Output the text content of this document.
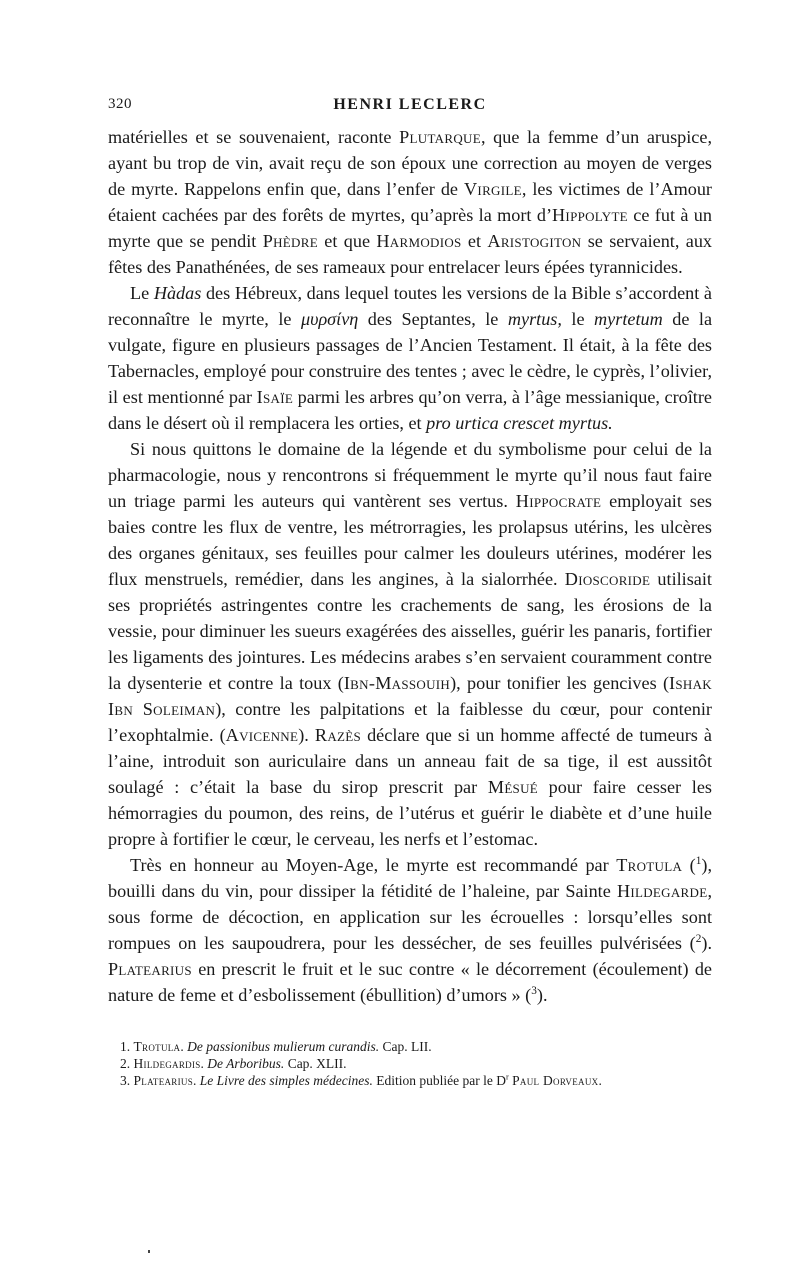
320	HENRI LECLERC

matérielles et se souvenaient, raconte Plutarque, que la femme d’un aruspice, ayant bu trop de vin, avait reçu de son époux une correction au moyen de verges de myrte. Rappelons enfin que, dans l’enfer de Virgile, les victimes de l’Amour étaient cachées par des forêts de myrtes, qu’après la mort d’Hippolyte ce fut à un myrte que se pendit Phèdre et que Harmodios et Aristogiton se servaient, aux fêtes des Panathénées, de ses rameaux pour entrelacer leurs épées tyrannicides.

Le Hàdas des Hébreux, dans lequel toutes les versions de la Bible s’accordent à reconnaître le myrte, le μυρσίνη des Septantes, le myrtus, le myrtetum de la vulgate, figure en plusieurs passages de l’Ancien Testament. Il était, à la fête des Tabernacles, employé pour construire des tentes ; avec le cèdre, le cyprès, l’olivier, il est mentionné par Isaïe parmi les arbres qu’on verra, à l’âge messianique, croître dans le désert où il remplacera les orties, et pro urtica crescet myrtus.

Si nous quittons le domaine de la légende et du symbolisme pour celui de la pharmacologie, nous y rencontrons si fréquemment le myrte qu’il nous faut faire un triage parmi les auteurs qui vantèrent ses vertus. Hippocrate employait ses baies contre les flux de ventre, les métrorragies, les prolapsus utérins, les ulcères des organes génitaux, ses feuilles pour calmer les douleurs utérines, modérer les flux menstruels, remédier, dans les angines, à la sialorrhée. Dioscoride utilisait ses propriétés astringentes contre les crachements de sang, les érosions de la vessie, pour diminuer les sueurs exagérées des aisselles, guérir les panaris, fortifier les ligaments des jointures. Les médecins arabes s’en servaient couramment contre la dysenterie et contre la toux (Ibn-Massouih), pour tonifier les gencives (Ishak Ibn Soleiman), contre les palpitations et la faiblesse du cœur, pour contenir l’exophtalmie. (Avicenne). Razès déclare que si un homme affecté de tumeurs à l’aine, introduit son auriculaire dans un anneau fait de sa tige, il est aussitôt soulagé : c’était la base du sirop prescrit par Mésué pour faire cesser les hémorragies du poumon, des reins, de l’utérus et guérir le diabète et d’une huile propre à fortifier le cœur, le cerveau, les nerfs et l’estomac.

Très en honneur au Moyen-Age, le myrte est recommandé par Trotula ($^1$), bouilli dans du vin, pour dissiper la fétidité de l’haleine, par Sainte Hildegarde, sous forme de décoction, en application sur les écrouelles : lorsqu’elles sont rompues on les saupoudrera, pour les dessécher, de ses feuilles pulvérisées ($^2$). Platearius en prescrit le fruit et le suc contre « le décorrement (écoulement) de nature de feme et d’esbolissement (ébullition) d’umors » ($^3$).

1. Trotula. De passionibus mulierum curandis. Cap. LII.

2. Hildegardis. De Arboribus. Cap. XLII.

3. Platearius. Le Livre des simples médecines. Edition publiée par le $D^r$ Paul Dorveaux.
